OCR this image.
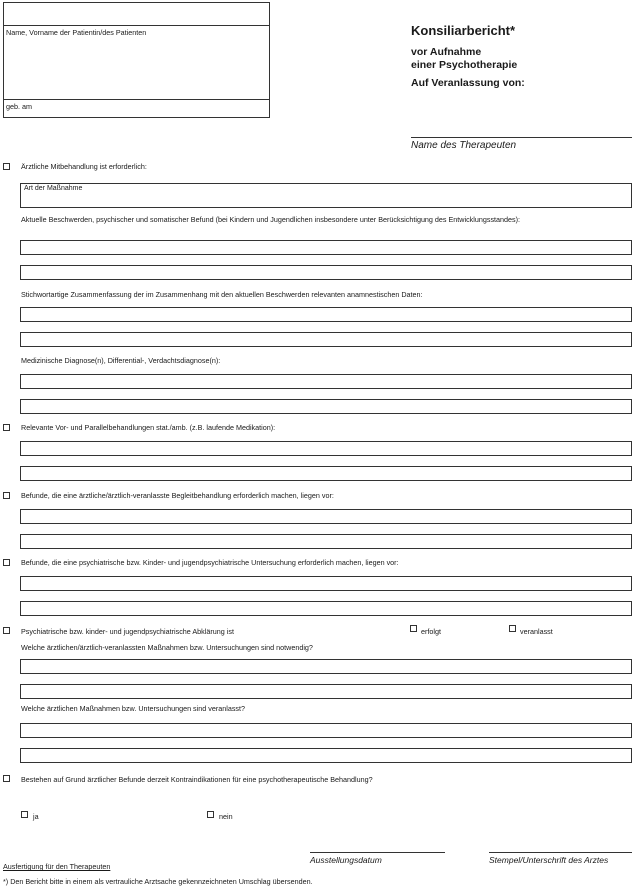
Name, Vorname der Patientin/des Patienten
geb. am
Konsiliarbericht*
vor Aufnahme
einer Psychotherapie
Auf Veranlassung von:
Name des Therapeuten
Ärztliche Mitbehandlung ist erforderlich:
Art der Maßnahme
Aktuelle Beschwerden, psychischer und somatischer Befund (bei Kindern und Jugendlichen insbesondere unter Berücksichtigung des Entwicklungsstandes):
Stichwortartige Zusammenfassung der im Zusammenhang mit den aktuellen Beschwerden relevanten anamnestischen Daten:
Medizinische Diagnose(n), Differential-, Verdachtsdiagnose(n):
Relevante Vor- und Parallelbehandlungen stat./amb. (z.B. laufende Medikation):
Befunde, die eine ärztliche/ärztlich-veranlasste Begleitbehandlung erforderlich machen, liegen vor:
Befunde, die eine psychiatrische bzw. Kinder- und jugendpsychiatrische Untersuchung erforderlich machen, liegen vor:
Psychiatrische bzw. kinder- und jugendpsychiatrische Abklärung ist	erfolgt	veranlasst
Welche ärztlichen/ärztlich-veranlassten Maßnahmen bzw. Untersuchungen sind notwendig?
Welche ärztlichen Maßnahmen bzw. Untersuchungen sind veranlasst?
Bestehen auf Grund ärztlicher Befunde derzeit Kontraindikationen für eine psychotherapeutische Behandlung?
ja	nein
Ausstellungsdatum	Stempel/Unterschrift des Arztes
Ausfertigung für den Therapeuten
*) Den Bericht bitte in einem als vertrauliche Arztsache gekennzeichneten Umschlag übersenden.
